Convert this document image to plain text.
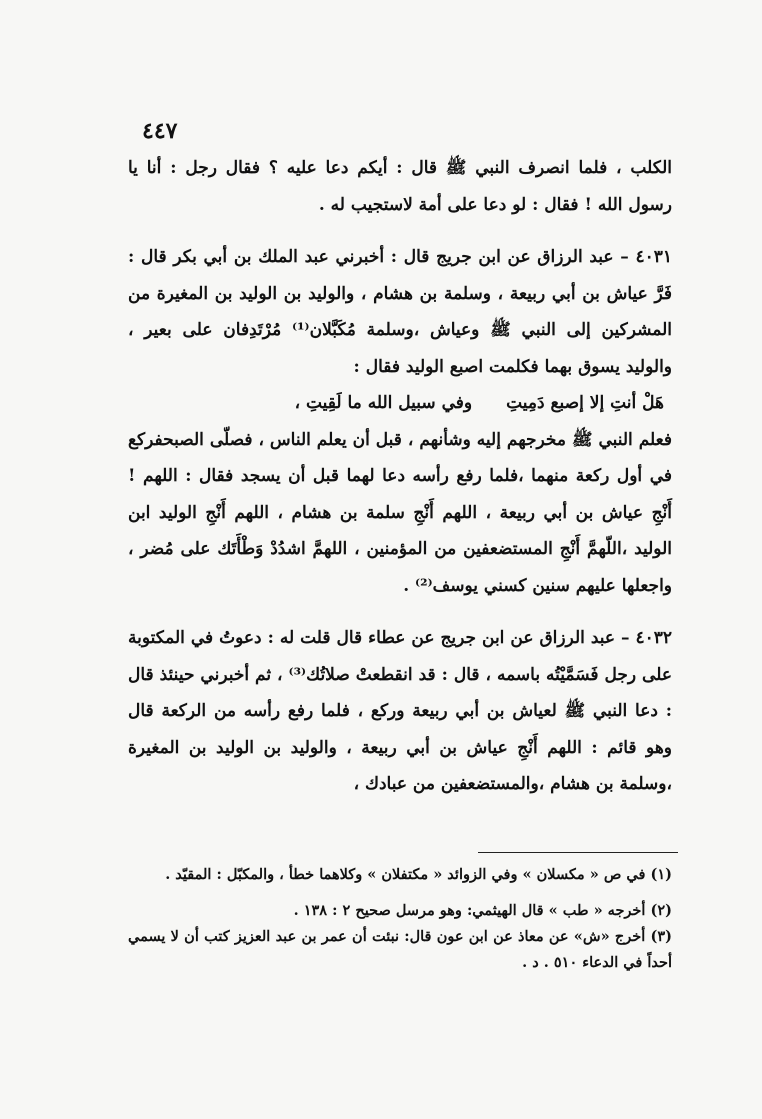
٤٤٧

الكلب ، فلما انصرف النبي ﷺ قال : أيكم دعا عليه ؟ فقال رجل : أنا يا رسول الله ! فقال : لو دعا على أمة لاستجيب له .

٤٠٣١ – عبد الرزاق عن ابن جريج قال : أخبرني عبد الملك بن أبي بكر قال : فَرَّ عياش بن أبي ربيعة ، وسلمة بن هشام ، والوليد بن الوليد بن المغيرة من المشركين إلى النبي ﷺ وعياش ،وسلمة مُكَبَّلان⁽¹⁾ مُرْتَدِفان على بعير ، والوليد يسوق بهما فكلمت اصبع الوليد فقال :

هَلْ أنتِ إلا إصبع دَمِيتِ
وفي سبيل الله ما لَقِيتِ ،

فعلم النبي ﷺ مخرجهم إليه وشأنهم ، قبل أن يعلم الناس ، فصلّى الصبحفركع في أول ركعة منهما ،فلما رفع رأسه دعا لهما قبل أن يسجد فقال : اللهم ! أَنْجِ عياش بن أبي ربيعة ، اللهم أَنْجِ سلمة بن هشام ، اللهم أَنْجِ الوليد ابن الوليد ،اللّهمَّ أَنْجِ المستضعفين من المؤمنين ، اللهمَّ اشدُدْ وَطْأَتَك على مُضر ، واجعلها عليهم سنين كسني يوسف⁽²⁾ .

٤٠٣٢ – عبد الرزاق عن ابن جريج عن عطاء قال قلت له : دعوتُ في المكتوبة على رجل فَسَمَّيْتُه باسمه ، قال : قد انقطعتْ صلاتُك⁽³⁾ ، ثم أخبرني حينئذ قال : دعا النبي ﷺ لعياش بن أبي ربيعة وركع ، فلما رفع رأسه من الركعة قال وهو قائم : اللهم أَنْجِ عياش بن أبي ربيعة ، والوليد بن الوليد بن المغيرة ،وسلمة بن هشام ،والمستضعفين من عبادك ،

(١) في ص « مكسلان » وفي الزوائد « مكتفلان » وكلاهما خطأ ، والمكبّل : المقيّد .

(٢) أخرجه « طب » قال الهيثمي: وهو مرسل صحيح ٢ : ١٣٨ .

(٣) أخرج «ش» عن معاذ عن ابن عون قال: نبئت أن عمر بن عبد العزيز كتب أن لا يسمي أحداً في الدعاء ٥١٠ . د .
